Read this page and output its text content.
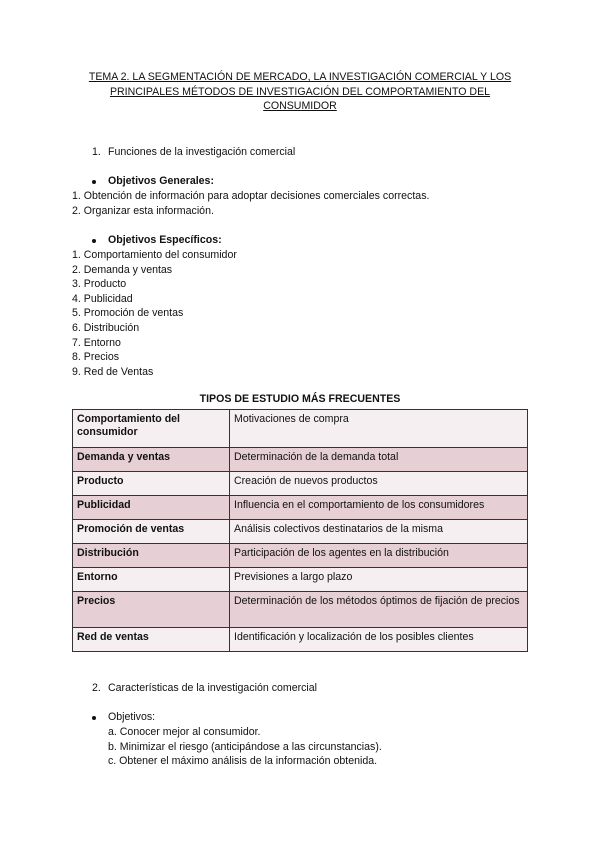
TEMA 2. LA SEGMENTACIÓN DE MERCADO, LA INVESTIGACIÓN COMERCIAL Y LOS
PRINCIPALES MÉTODOS DE INVESTIGACIÓN DEL COMPORTAMIENTO DEL
CONSUMIDOR
1. Funciones de la investigación comercial
Objetivos Generales:
1. Obtención de información para adoptar decisiones comerciales correctas.
2. Organizar esta información.
Objetivos Específicos:
1. Comportamiento del consumidor
2. Demanda y ventas
3. Producto
4. Publicidad
5. Promoción de ventas
6. Distribución
7. Entorno
8. Precios
9. Red de Ventas
TIPOS DE ESTUDIO MÁS FRECUENTES
Comportamiento del consumidor	Motivaciones de compra
Demanda y ventas	Determinación de la demanda total
Producto	Creación de nuevos productos
Publicidad	Influencia en el comportamiento de los consumidores
Promoción de ventas	Análisis colectivos destinatarios de la misma
Distribución	Participación de los agentes en la distribución
Entorno	Previsiones a largo plazo
Precios	Determinación de los métodos óptimos de fijación de precios
Red de ventas	Identificación y localización de los posibles clientes
2. Características de la investigación comercial
Objetivos:
a. Conocer mejor al consumidor.
b. Minimizar el riesgo (anticipándose a las circunstancias).
c. Obtener el máximo análisis de la información obtenida.
